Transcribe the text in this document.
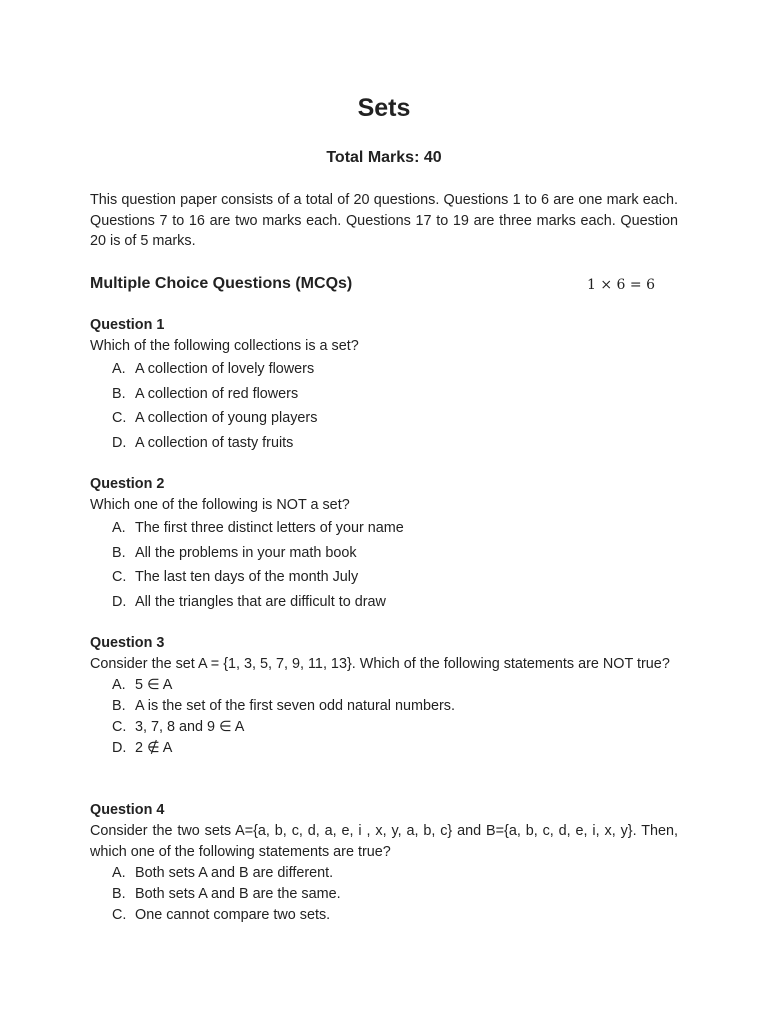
Sets
Total Marks: 40
This question paper consists of a total of 20 questions. Questions 1 to 6 are one mark each. Questions 7 to 16 are two marks each. Questions 17 to 19 are three marks each. Question 20 is of 5 marks.
Multiple Choice Questions (MCQs)	1 × 6 = 6
Question 1
Which of the following collections is a set?
A. A collection of lovely flowers
B. A collection of red flowers
C. A collection of young players
D. A collection of tasty fruits
Question 2
Which one of the following is NOT a set?
A. The first three distinct letters of your name
B. All the problems in your math book
C. The last ten days of the month July
D. All the triangles that are difficult to draw
Question 3
Consider the set A = {1, 3, 5, 7, 9, 11, 13}. Which of the following statements are NOT true?
A. 5 ∈ A
B. A is the set of the first seven odd natural numbers.
C. 3, 7, 8 and 9 ∈ A
D. 2 ∉ A
Question 4
Consider the two sets A={a, b, c, d, a, e, i , x, y, a, b, c} and B={a, b, c, d, e, i, x, y}. Then, which one of the following statements are true?
A. Both sets A and B are different.
B. Both sets A and B are the same.
C. One cannot compare two sets.
